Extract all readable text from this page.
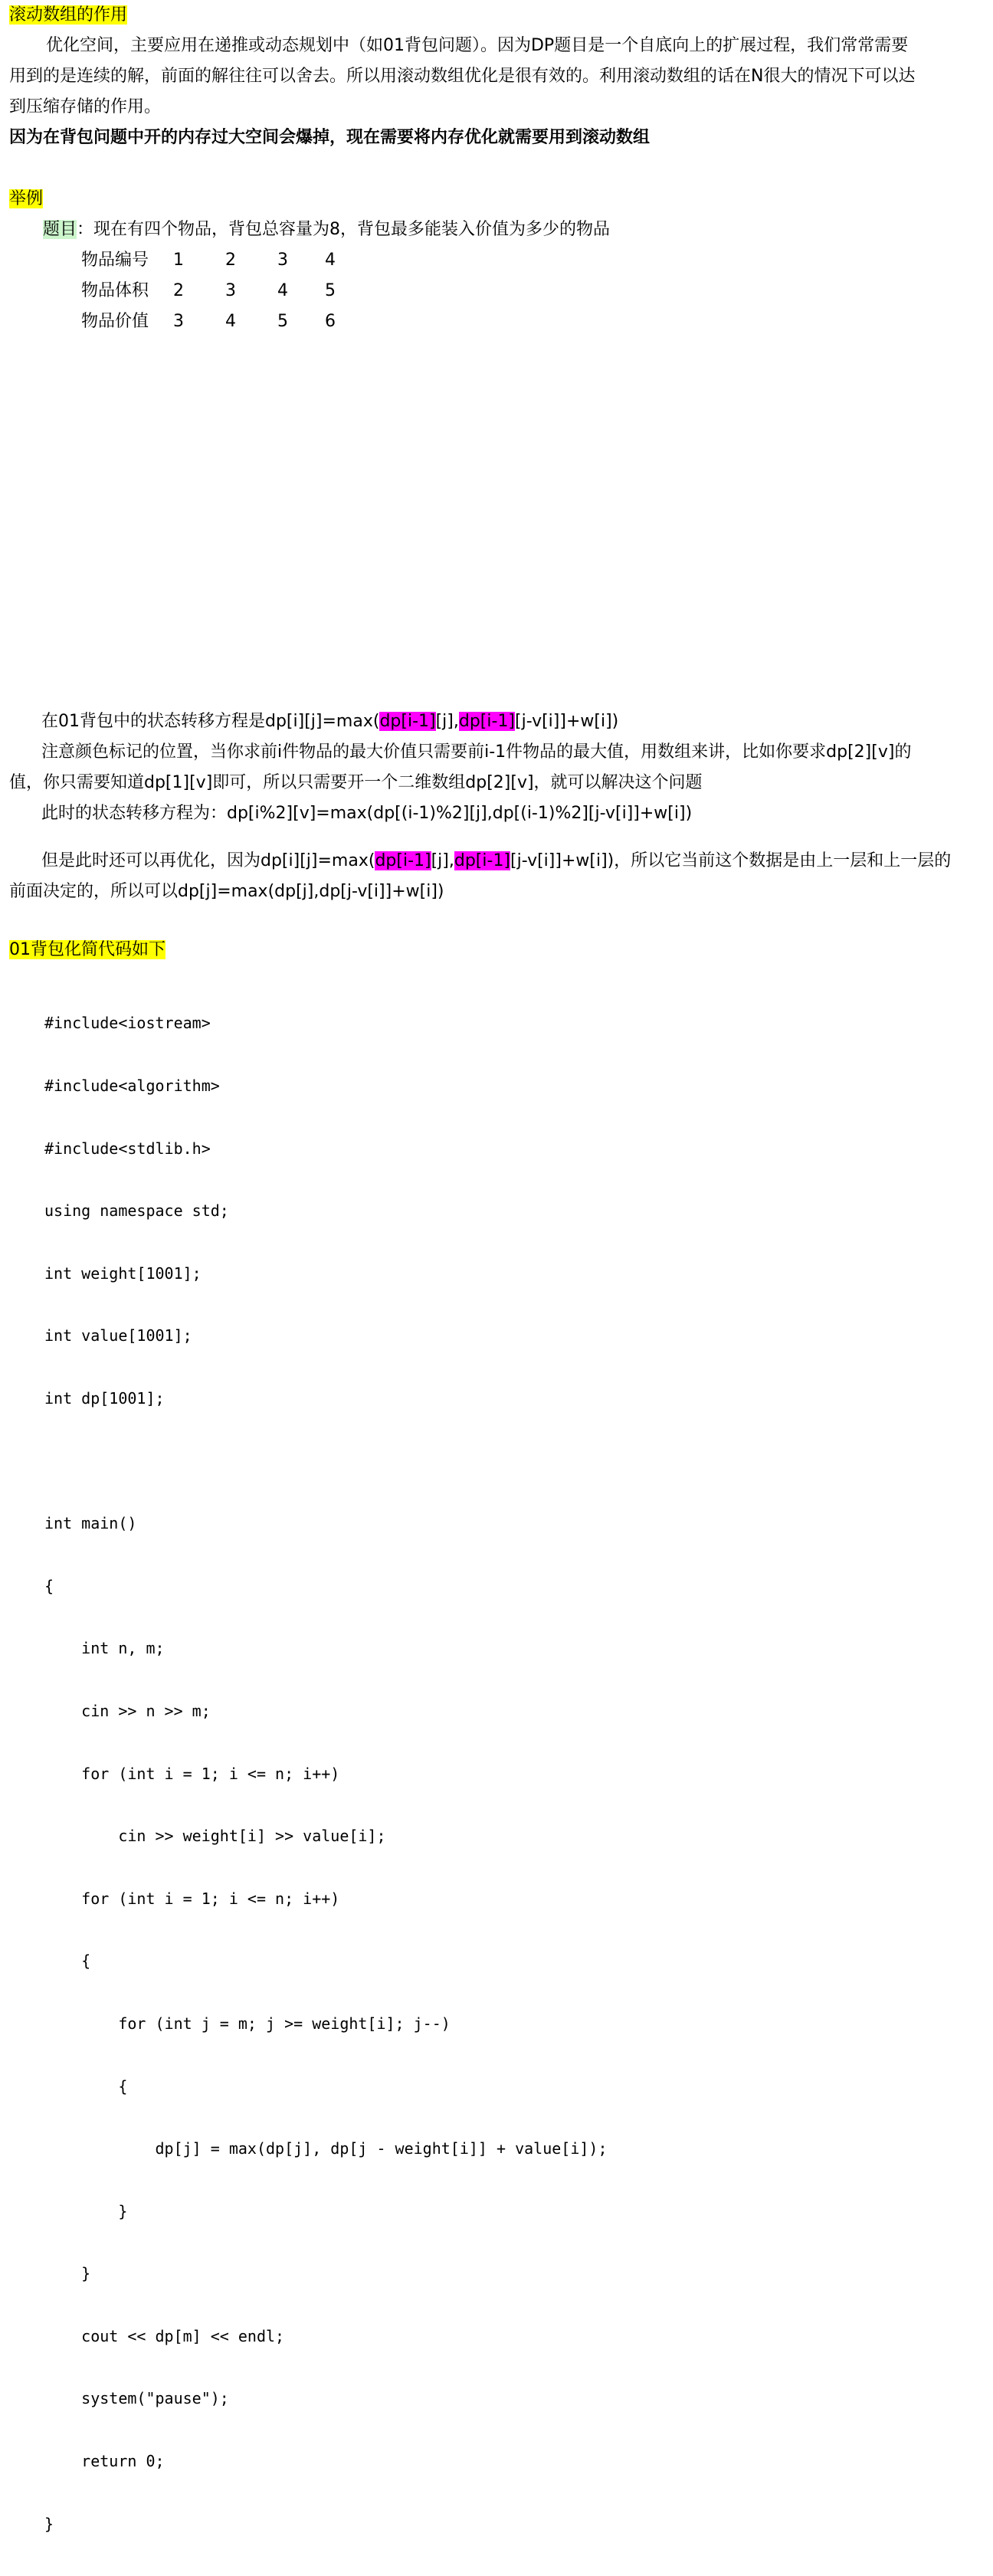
滚动数组的作用
优化空间，主要应用在递推或动态规划中（如01背包问题）。因为DP题目是一个自底向上的扩展过程，我们常常需要
用到的是连续的解，前面的解往往可以舍去。所以用滚动数组优化是很有效的。利用滚动数组的话在N很大的情况下可以达
到压缩存储的作用。
因为在背包问题中开的内存过大空间会爆掉，现在需要将内存优化就需要用到滚动数组
举例
题目：现在有四个物品，背包总容量为8，背包最多能装入价值为多少的物品
物品编号 1 2 3 4
物品体积 2 3 4 5
物品价值 3 4 5 6
在01背包中的状态转移方程是dp[i][j]=max(dp[i-1][j],dp[i-1][j-v[i]]+w[i])
注意颜色标记的位置，当你求前i件物品的最大价值只需要前i-1件物品的最大值，用数组来讲，比如你要求dp[2][v]的
值，你只需要知道dp[1][v]即可，所以只需要开一个二维数组dp[2][v]，就可以解决这个问题
此时的状态转移方程为：dp[i%2][v]=max(dp[(i-1)%2][j],dp[(i-1)%2][j-v[i]]+w[i])
但是此时还可以再优化，因为dp[i][j]=max(dp[i-1][j],dp[i-1][j-v[i]]+w[i])，所以它当前这个数据是由上一层和上一层的
前面决定的，所以可以dp[j]=max(dp[j],dp[j-v[i]]+w[i])
01背包化简代码如下

#include<iostream>

#include<algorithm>

#include<stdlib.h>

using namespace std;

int weight[1001];

int value[1001];

int dp[1001];

int main()

{

int n, m;

cin >> n >> m;

for (int i = 1; i <= n; i++)

cin >> weight[i] >> value[i];

for (int i = 1; i <= n; i++)

{

for (int j = m; j >= weight[i]; j--)

{

dp[j] = max(dp[j], dp[j - weight[i]] + value[i]);

}

}

cout << dp[m] << endl;

system("pause");

return 0;

}
